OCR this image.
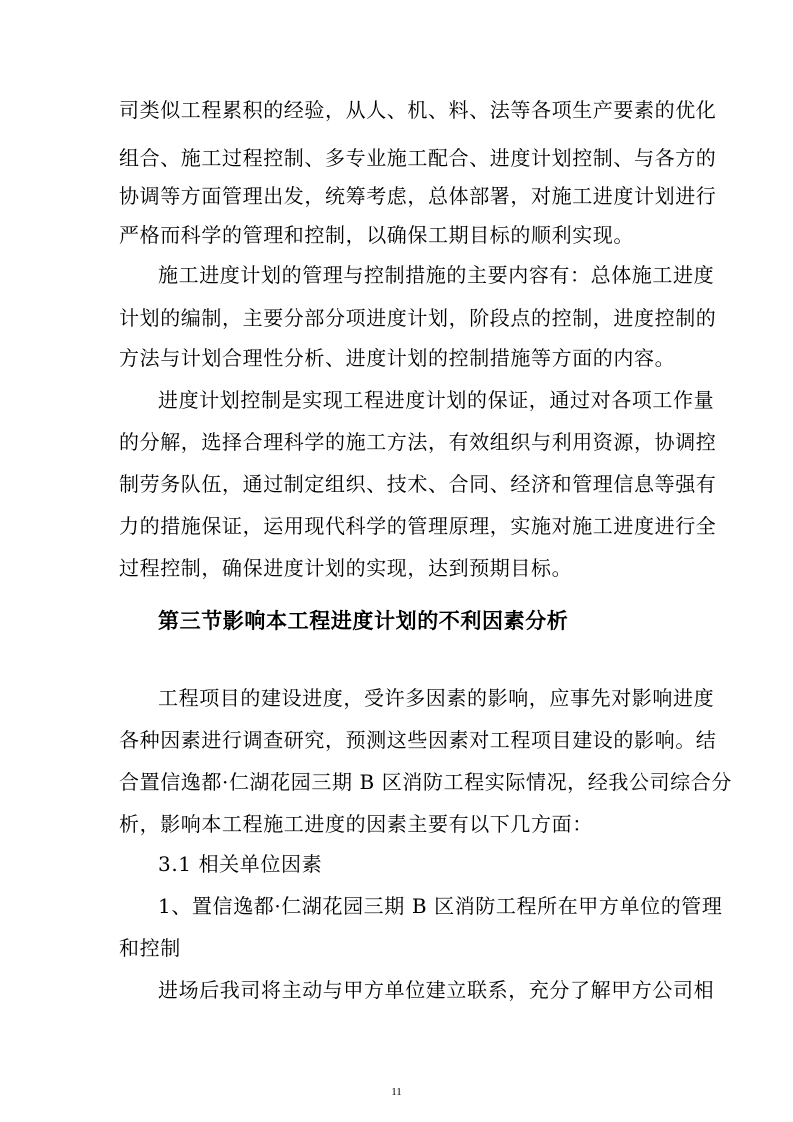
司类似工程累积的经验，从人、机、料、法等各项生产要素的优化
组合、施工过程控制、多专业施工配合、进度计划控制、与各方的
协调等方面管理出发，统筹考虑，总体部署，对施工进度计划进行
严格而科学的管理和控制，以确保工期目标的顺利实现。
施工进度计划的管理与控制措施的主要内容有：总体施工进度
计划的编制，主要分部分项进度计划，阶段点的控制，进度控制的
方法与计划合理性分析、进度计划的控制措施等方面的内容。
进度计划控制是实现工程进度计划的保证，通过对各项工作量
的分解，选择合理科学的施工方法，有效组织与利用资源，协调控
制劳务队伍，通过制定组织、技术、合同、经济和管理信息等强有
力的措施保证，运用现代科学的管理原理，实施对施工进度进行全
过程控制，确保进度计划的实现，达到预期目标。
第三节影响本工程进度计划的不利因素分析
工程项目的建设进度，受许多因素的影响，应事先对影响进度
各种因素进行调查研究，预测这些因素对工程项目建设的影响。结
合置信逸都·仁湖花园三期 B 区消防工程实际情况，经我公司综合分
析，影响本工程施工进度的因素主要有以下几方面：
3.1 相关单位因素
1、置信逸都·仁湖花园三期 B 区消防工程所在甲方单位的管理
和控制
进场后我司将主动与甲方单位建立联系，充分了解甲方公司相
11
